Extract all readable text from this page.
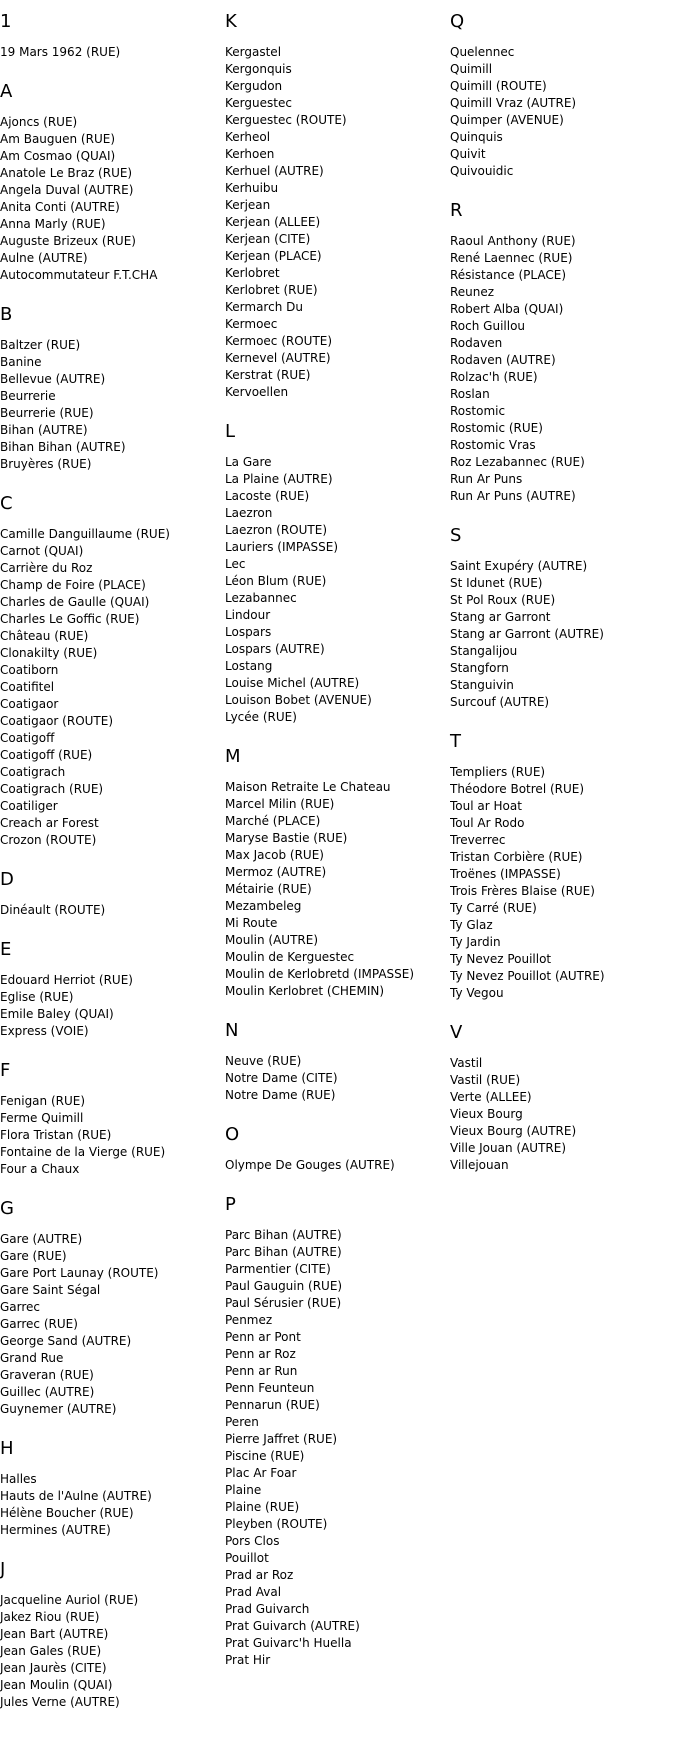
1
19 Mars 1962 (RUE)
A
Ajoncs (RUE)
Am Bauguen (RUE)
Am Cosmao (QUAI)
Anatole Le Braz (RUE)
Angela Duval (AUTRE)
Anita Conti (AUTRE)
Anna Marly (RUE)
Auguste Brizeux (RUE)
Aulne (AUTRE)
Autocommutateur F.T.CHA
B
Baltzer (RUE)
Banine
Bellevue (AUTRE)
Beurrerie
Beurrerie (RUE)
Bihan (AUTRE)
Bihan Bihan (AUTRE)
Bruyères (RUE)
C
Camille Danguillaume (RUE)
Carnot (QUAI)
Carrière du Roz
Champ de Foire (PLACE)
Charles de Gaulle (QUAI)
Charles Le Goffic (RUE)
Château (RUE)
Clonakilty (RUE)
Coatiborn
Coatifitel
Coatigaor
Coatigaor (ROUTE)
Coatigoff
Coatigoff (RUE)
Coatigrach
Coatigrach (RUE)
Coatiliger
Creach ar Forest
Crozon (ROUTE)
D
Dinéault (ROUTE)
E
Edouard Herriot (RUE)
Eglise (RUE)
Emile Baley (QUAI)
Express (VOIE)
F
Fenigan (RUE)
Ferme Quimill
Flora Tristan (RUE)
Fontaine de la Vierge (RUE)
Four a Chaux
G
Gare (AUTRE)
Gare (RUE)
Gare Port Launay (ROUTE)
Gare Saint Ségal
Garrec
Garrec (RUE)
George Sand (AUTRE)
Grand Rue
Graveran (RUE)
Guillec (AUTRE)
Guynemer (AUTRE)
H
Halles
Hauts de l'Aulne (AUTRE)
Hélène Boucher (RUE)
Hermines (AUTRE)
J
Jacqueline Auriol (RUE)
Jakez Riou (RUE)
Jean Bart (AUTRE)
Jean Gales (RUE)
Jean Jaurès (CITE)
Jean Moulin (QUAI)
Jules Verne (AUTRE)
K
Kergastel
Kergonquis
Kergudon
Kerguestec
Kerguestec (ROUTE)
Kerheol
Kerhoen
Kerhuel (AUTRE)
Kerhuibu
Kerjean
Kerjean (ALLEE)
Kerjean (CITE)
Kerjean (PLACE)
Kerlobret
Kerlobret (RUE)
Kermarch Du
Kermoec
Kermoec (ROUTE)
Kernevel (AUTRE)
Kerstrat (RUE)
Kervoellen
L
La Gare
La Plaine (AUTRE)
Lacoste (RUE)
Laezron
Laezron (ROUTE)
Lauriers (IMPASSE)
Lec
Léon Blum (RUE)
Lezabannec
Lindour
Lospars
Lospars (AUTRE)
Lostang
Louise Michel (AUTRE)
Louison Bobet (AVENUE)
Lycée (RUE)
M
Maison Retraite Le Chateau
Marcel Milin (RUE)
Marché (PLACE)
Maryse Bastie (RUE)
Max Jacob (RUE)
Mermoz (AUTRE)
Métairie (RUE)
Mezambeleg
Mi Route
Moulin (AUTRE)
Moulin de Kerguestec
Moulin de Kerlobretd (IMPASSE)
Moulin Kerlobret (CHEMIN)
N
Neuve (RUE)
Notre Dame (CITE)
Notre Dame (RUE)
O
Olympe De Gouges (AUTRE)
P
Parc Bihan (AUTRE)
Parc Bihan (AUTRE)
Parmentier (CITE)
Paul Gauguin (RUE)
Paul Sérusier (RUE)
Penmez
Penn ar Pont
Penn ar Roz
Penn ar Run
Penn Feunteun
Pennarun (RUE)
Peren
Pierre Jaffret (RUE)
Piscine (RUE)
Plac Ar Foar
Plaine
Plaine (RUE)
Pleyben (ROUTE)
Pors Clos
Pouillot
Prad ar Roz
Prad Aval
Prad Guivarch
Prat Guivarch (AUTRE)
Prat Guivarc'h Huella
Prat Hir
Q
Quelennec
Quimill
Quimill (ROUTE)
Quimill Vraz (AUTRE)
Quimper (AVENUE)
Quinquis
Quivit
Quivouidic
R
Raoul Anthony (RUE)
René Laennec (RUE)
Résistance (PLACE)
Reunez
Robert Alba (QUAI)
Roch Guillou
Rodaven
Rodaven (AUTRE)
Rolzac'h (RUE)
Roslan
Rostomic
Rostomic (RUE)
Rostomic Vras
Roz Lezabannec (RUE)
Run Ar Puns
Run Ar Puns (AUTRE)
S
Saint Exupéry (AUTRE)
St Idunet (RUE)
St Pol Roux (RUE)
Stang ar Garront
Stang ar Garront (AUTRE)
Stangalijou
Stangforn
Stanguivin
Surcouf (AUTRE)
T
Templiers (RUE)
Théodore Botrel (RUE)
Toul ar Hoat
Toul Ar Rodo
Treverrec
Tristan Corbière (RUE)
Troënes (IMPASSE)
Trois Frères Blaise (RUE)
Ty Carré (RUE)
Ty Glaz
Ty Jardin
Ty Nevez Pouillot
Ty Nevez Pouillot (AUTRE)
Ty Vegou
V
Vastil
Vastil (RUE)
Verte (ALLEE)
Vieux Bourg
Vieux Bourg (AUTRE)
Ville Jouan (AUTRE)
Villejouan
